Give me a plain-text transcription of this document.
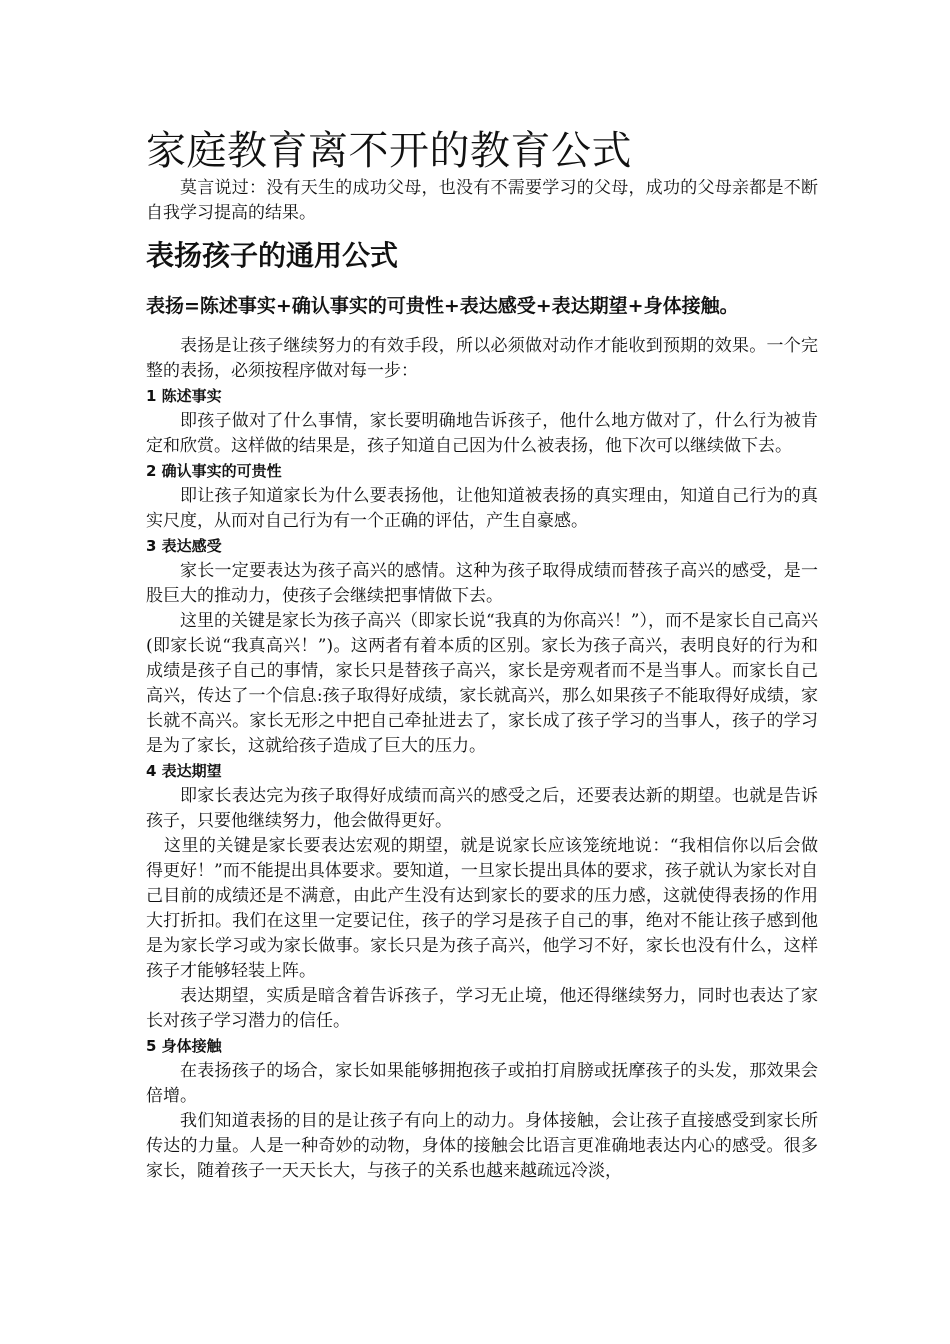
家庭教育离不开的教育公式

莫言说过：没有天生的成功父母，也没有不需要学习的父母，成功的父母亲都是不断自我学习提高的结果。

表扬孩子的通用公式

表扬=陈述事实+确认事实的可贵性+表达感受+表达期望+身体接触。

表扬是让孩子继续努力的有效手段，所以必须做对动作才能收到预期的效果。一个完整的表扬，必须按程序做对每一步：

1 陈述事实

即孩子做对了什么事情，家长要明确地告诉孩子，他什么地方做对了，什么行为被肯定和欣赏。这样做的结果是，孩子知道自己因为什么被表扬，他下次可以继续做下去。

2 确认事实的可贵性

即让孩子知道家长为什么要表扬他，让他知道被表扬的真实理由，知道自己行为的真实尺度，从而对自己行为有一个正确的评估，产生自豪感。

3 表达感受

家长一定要表达为孩子高兴的感情。这种为孩子取得成绩而替孩子高兴的感受，是一股巨大的推动力，使孩子会继续把事情做下去。

这里的关键是家长为孩子高兴（即家长说“我真的为你高兴！”），而不是家长自己高兴(即家长说“我真高兴！”)。这两者有着本质的区别。家长为孩子高兴，表明良好的行为和成绩是孩子自己的事情，家长只是替孩子高兴，家长是旁观者而不是当事人。而家长自己高兴，传达了一个信息:孩子取得好成绩，家长就高兴，那么如果孩子不能取得好成绩，家长就不高兴。家长无形之中把自己牵扯进去了，家长成了孩子学习的当事人，孩子的学习是为了家长，这就给孩子造成了巨大的压力。

4 表达期望

即家长表达完为孩子取得好成绩而高兴的感受之后，还要表达新的期望。也就是告诉孩子，只要他继续努力，他会做得更好。

这里的关键是家长要表达宏观的期望，就是说家长应该笼统地说：“我相信你以后会做得更好！”而不能提出具体要求。要知道，一旦家长提出具体的要求，孩子就认为家长对自己目前的成绩还是不满意，由此产生没有达到家长的要求的压力感，这就使得表扬的作用大打折扣。我们在这里一定要记住，孩子的学习是孩子自己的事，绝对不能让孩子感到他是为家长学习或为家长做事。家长只是为孩子高兴，他学习不好，家长也没有什么，这样孩子才能够轻装上阵。

表达期望，实质是暗含着告诉孩子，学习无止境，他还得继续努力，同时也表达了家长对孩子学习潜力的信任。

5 身体接触

在表扬孩子的场合，家长如果能够拥抱孩子或拍打肩膀或抚摩孩子的头发，那效果会倍增。

我们知道表扬的目的是让孩子有向上的动力。身体接触，会让孩子直接感受到家长所传达的力量。人是一种奇妙的动物，身体的接触会比语言更准确地表达内心的感受。很多家长，随着孩子一天天长大，与孩子的关系也越来越疏远冷淡，
